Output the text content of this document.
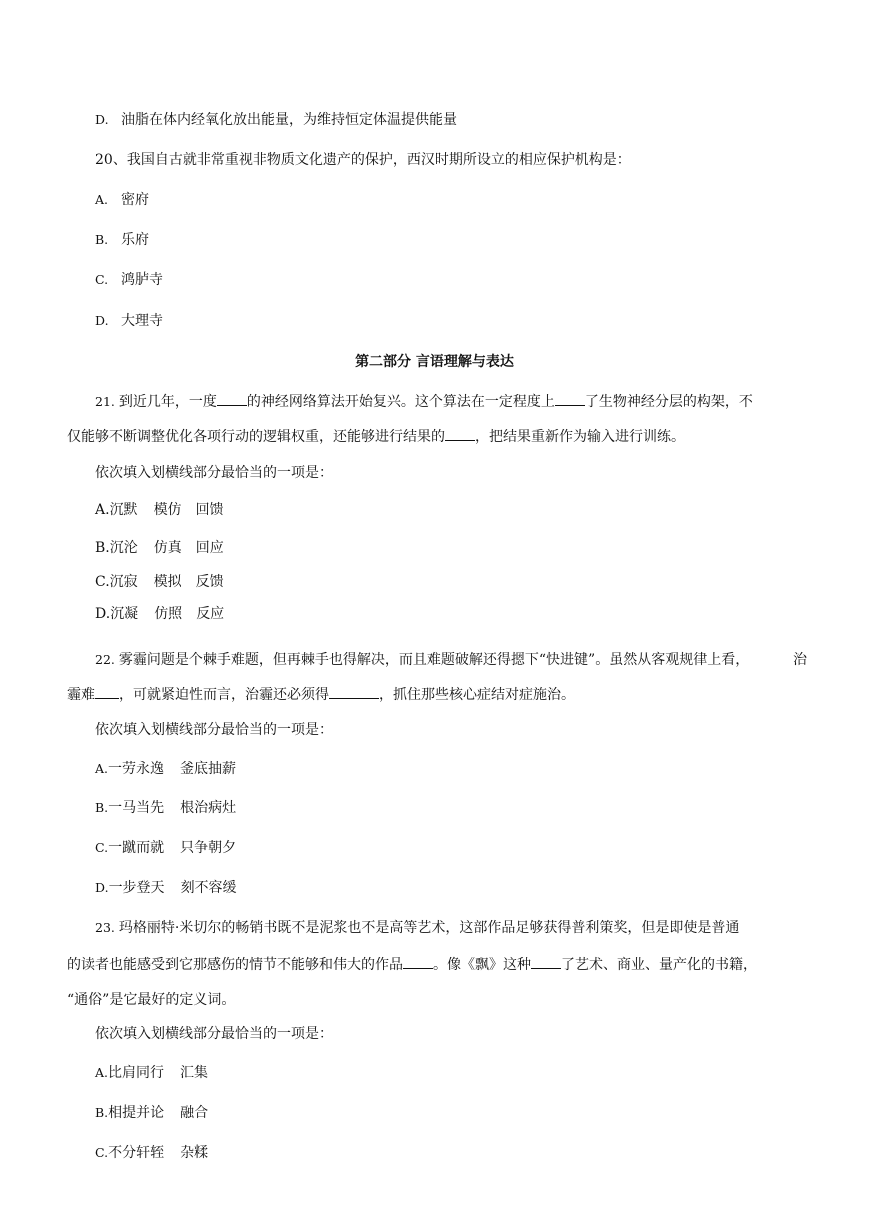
D. 油脂在体内经氧化放出能量，为维持恒定体温提供能量
20、我国自古就非常重视非物质文化遗产的保护，西汉时期所设立的相应保护机构是：
A. 密府
B. 乐府
C. 鸿胪寺
D. 大理寺
第二部分 言语理解与表达
21. 到近几年，一度 的神经网络算法开始复兴。这个算法在一定程度上 了生物神经分层的构架，不
仅能够不断调整优化各项行动的逻辑权重，还能够进行结果的 ，把结果重新作为输入进行训练。
依次填入划横线部分最恰当的一项是：
A.沉默 模仿 回馈
B.沉沦 仿真 回应
C.沉寂 模拟 反馈
D.沉凝 仿照 反应
22. 雾霾问题是个棘手难题，但再棘手也得解决，而且难题破解还得摁下“快进键”。虽然从客观规律上看，	治
霾难 ，可就紧迫性而言，治霾还必须得	，抓住那些核心症结对症施治。
依次填入划横线部分最恰当的一项是：
A.一劳永逸 釜底抽薪
B.一马当先 根治病灶
C.一蹴而就 只争朝夕
D.一步登天 刻不容缓
23. 玛格丽特·米切尔的畅销书既不是泥浆也不是高等艺术，这部作品足够获得普利策奖，但是即使是普通
的读者也能感受到它那感伤的情节不能够和伟大的作品 。像《飘》这种 了艺术、商业、量产化的书籍，
“通俗”是它最好的定义词。
依次填入划横线部分最恰当的一项是：
A.比肩同行 汇集
B.相提并论 融合
C.不分轩轾 杂糅
